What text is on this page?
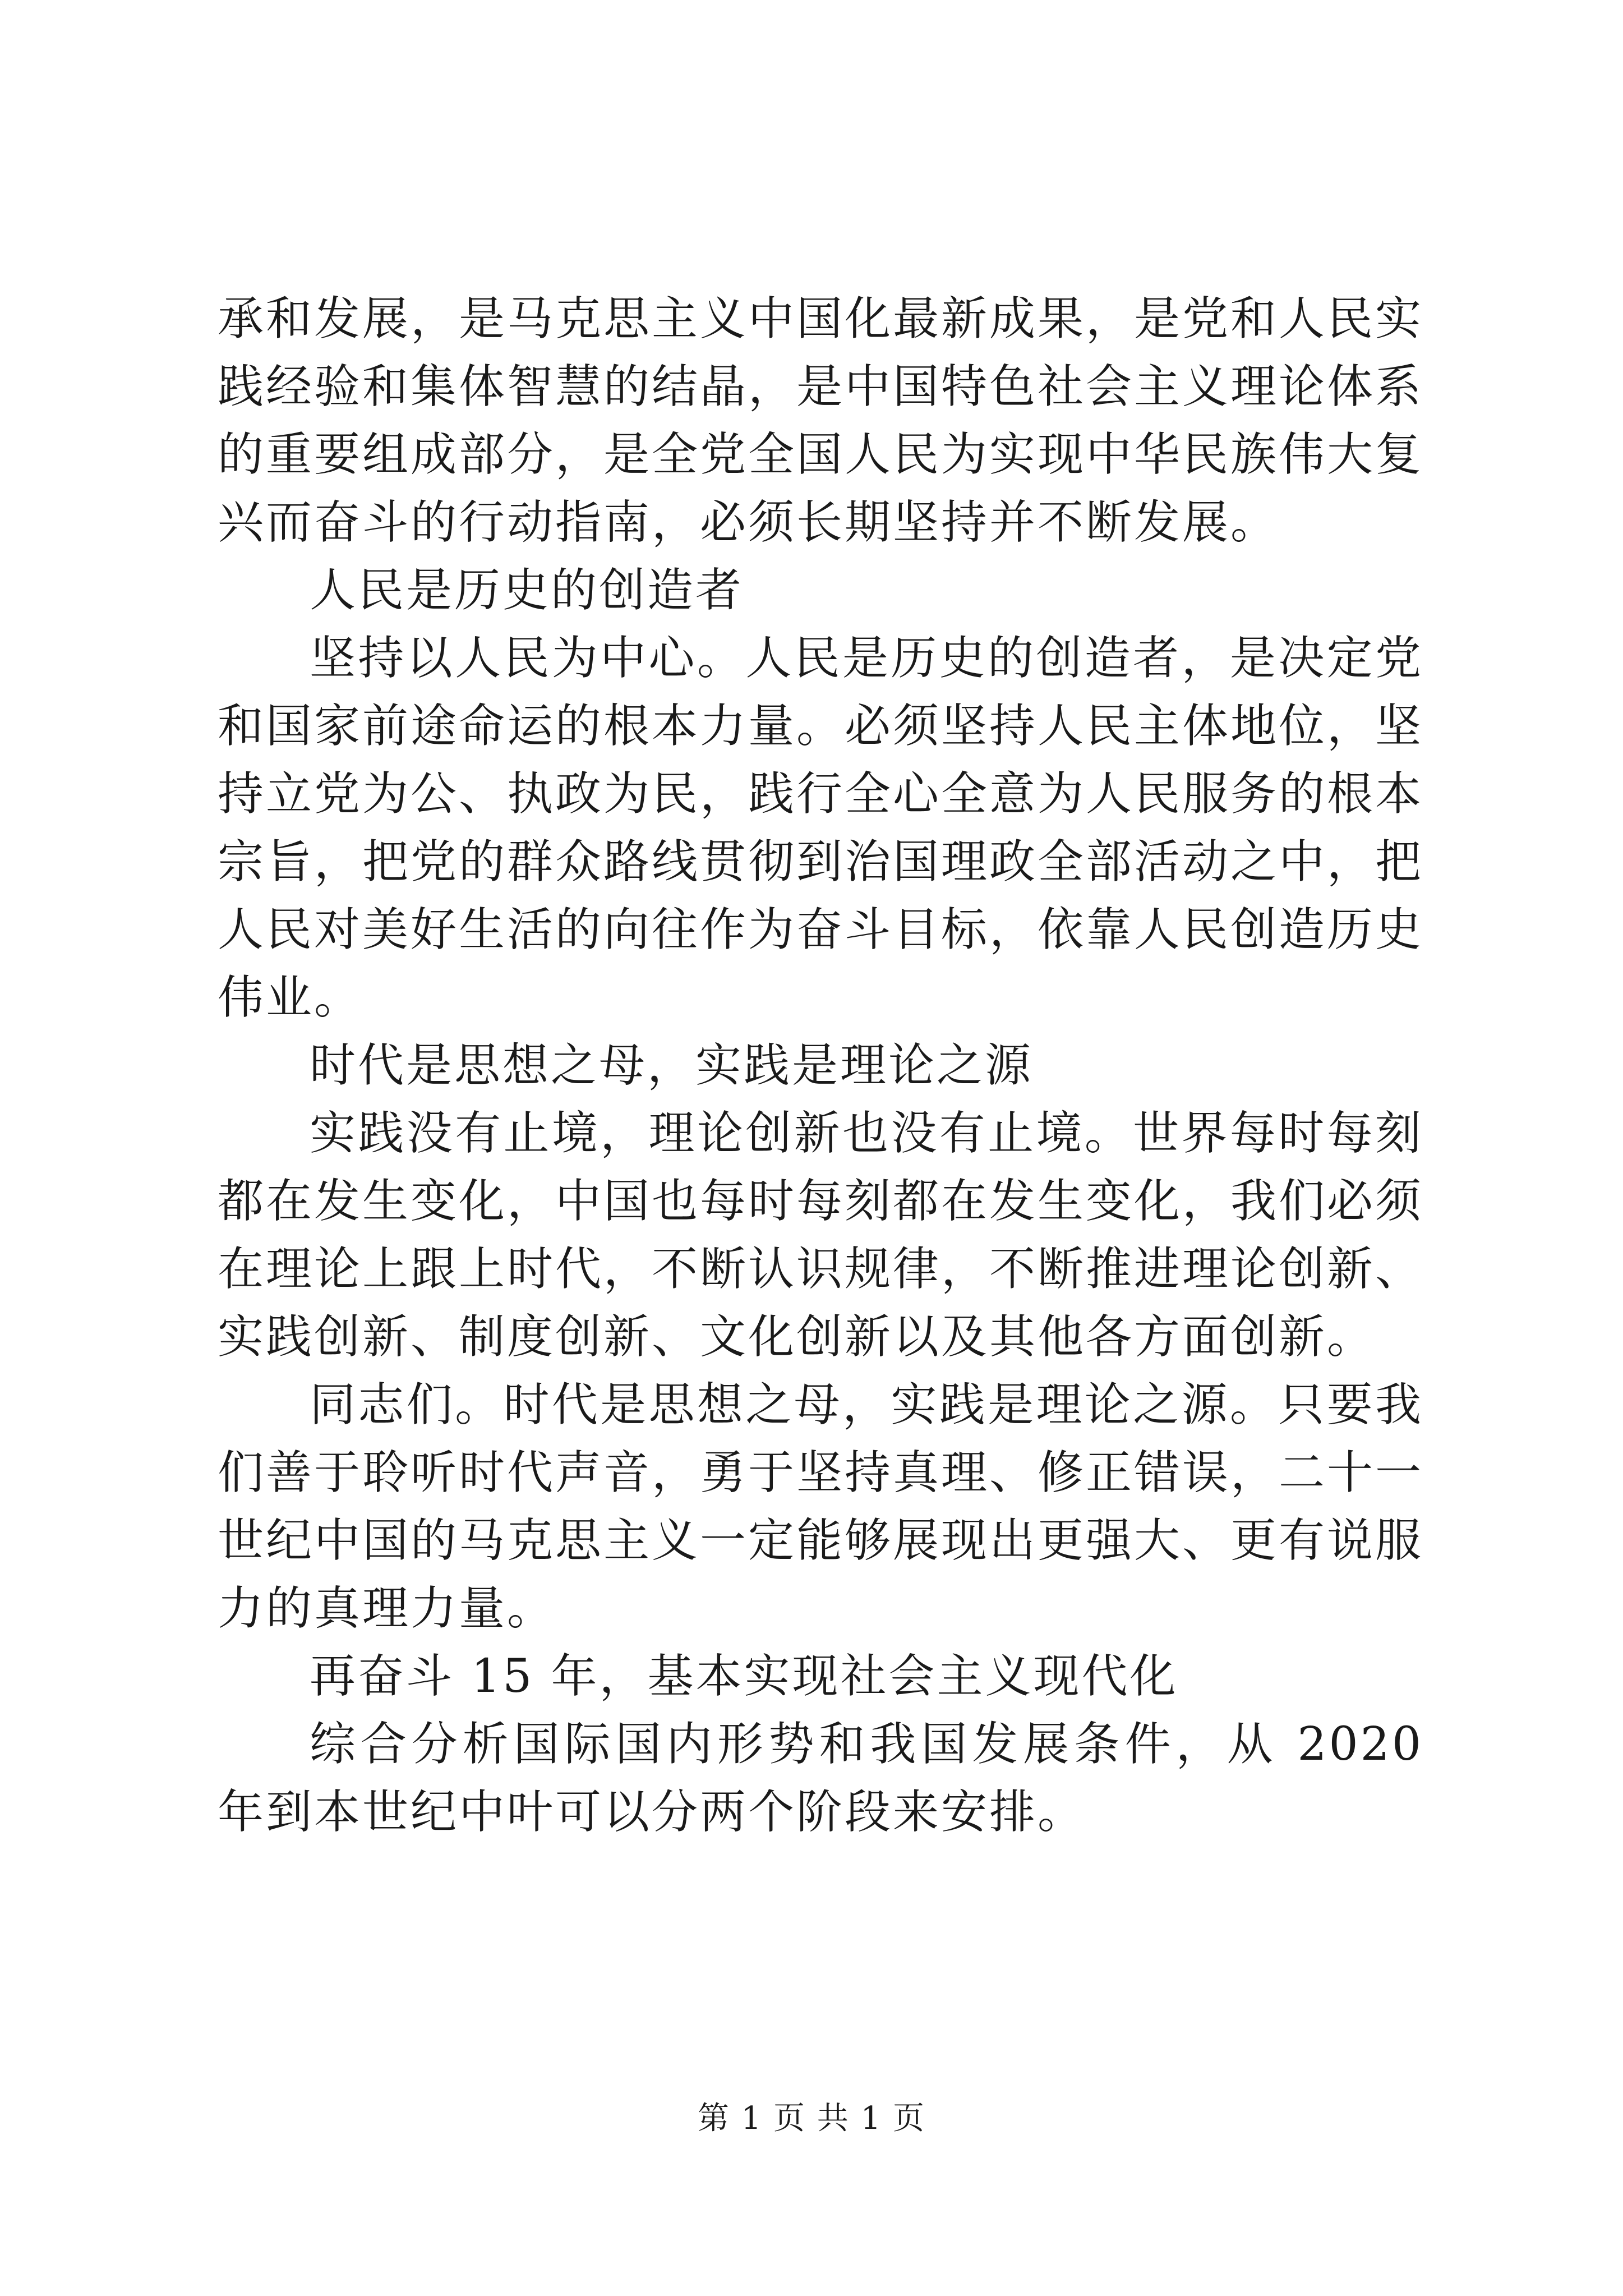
承和发展，是马克思主义中国化最新成果，是党和人民实践经验和集体智慧的结晶，是中国特色社会主义理论体系的重要组成部分，是全党全国人民为实现中华民族伟大复兴而奋斗的行动指南，必须长期坚持并不断发展。

人民是历史的创造者

坚持以人民为中心。人民是历史的创造者，是决定党和国家前途命运的根本力量。必须坚持人民主体地位，坚持立党为公、执政为民，践行全心全意为人民服务的根本宗旨，把党的群众路线贯彻到治国理政全部活动之中，把人民对美好生活的向往作为奋斗目标，依靠人民创造历史伟业。

时代是思想之母，实践是理论之源

实践没有止境，理论创新也没有止境。世界每时每刻都在发生变化，中国也每时每刻都在发生变化，我们必须在理论上跟上时代，不断认识规律，不断推进理论创新、实践创新、制度创新、文化创新以及其他各方面创新。

同志们。时代是思想之母，实践是理论之源。只要我们善于聆听时代声音，勇于坚持真理、修正错误，二十一世纪中国的马克思主义一定能够展现出更强大、更有说服力的真理力量。

再奋斗 15 年，基本实现社会主义现代化

综合分析国际国内形势和我国发展条件，从 2020 年到本世纪中叶可以分两个阶段来安排。

第 1 页 共 1 页
